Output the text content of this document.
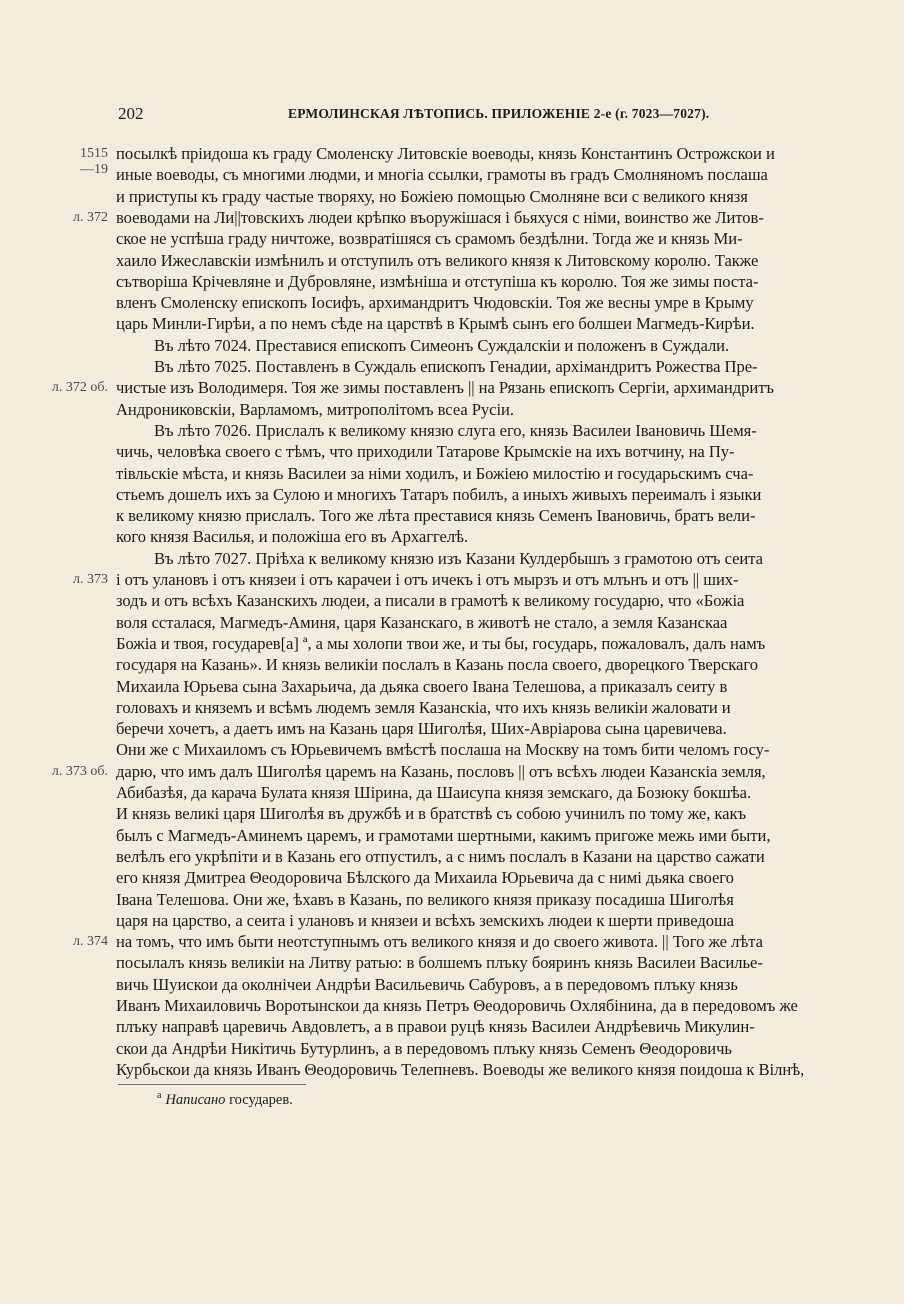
202	ЕРМОЛИНСКАЯ ЛѢТОПИСЬ. ПРИЛОЖЕНІЕ 2-е (г. 7023—7027).
1515
—19
л. 372
л. 372 об.
л. 373
л. 373 об.
л. 374
посылкѣ пріидоша къ граду Смоленску Литовскіе воеводы, князь Константинъ Острожскои и
иные воеводы, съ многими людми, и многіа ссылки, грамоты въ градъ Смолняномъ послаша
и приступы къ граду частые творяху, но Божіею помощью Смолняне вси с великого князя
воеводами на Ли||товскихъ людеи крѣпко въоружішася і бьяхуся с німи, воинство же Литов-
ское не успѣша граду ничтоже, возвратішяся съ срамомъ бездѣлни. Тогда же и князь Ми-
хаило Ижеславскіи измѣнилъ и отступилъ отъ великого князя к Литовскому королю. Также
сътворіша Крічевляне и Дубровляне, измѣніша и отступіша къ королю. Тоя же зимы поста-
вленъ Смоленску епископъ Іосифъ, архимандритъ Чюдовскіи. Тоя же весны умре в Крыму
царь Минли-Гирѣи, а по немъ сѣде на царствѣ в Крымѣ сынъ его болшеи Магмедъ-Кирѣи.
Въ лѣто 7024. Преставися епископъ Симеонъ Суждалскіи и положенъ в Суждали.
Въ лѣто 7025. Поставленъ в Суждаль епископъ Генадии, архімандритъ Рожества Пре-
чистые изъ Володимеря. Тоя же зимы поставленъ || на Рязань епископъ Сергіи, архимандритъ
Андрониковскіи, Варламомъ, митрополітомъ всеа Русіи.
Въ лѣто 7026. Прислалъ к великому князю слуга его, князь Василеи Івановичь Шемя-
чичь, человѣка своего с тѣмъ, что приходили Татарове Крымскіе на ихъ вотчину, на Пу-
тівльскіе мѣста, и князь Василеи за німи ходилъ, и Божіею милостію и государьскимъ сча-
стьемъ дошелъ ихъ за Сулою и многихъ Татаръ побилъ, а иныхъ живыхъ переималъ і языки
к великому князю прислалъ. Того же лѣта преставися князь Семенъ Івановичь, братъ вели-
кого князя Василья, и положіша его въ Архаггелѣ.
Въ лѣто 7027. Пріѣха к великому князю изъ Казани Кулдербышъ з грамотою отъ сеита
і отъ улановъ і отъ князеи і отъ карачеи і отъ ичекъ і отъ мырзъ и отъ млънъ и отъ || ших-
зодъ и отъ всѣхъ Казанскихъ людеи, а писали в грамотѣ к великому государю, что «Божіа
воля ссталася, Магмедъ-Аминя, царя Казанскаго, в животѣ не стало, а земля Казанскаа
Божіа и твоя, государев[а] ª, а мы холопи твои же, и ты бы, государь, пожаловалъ, далъ намъ
государя на Казань». И князь великіи послалъ в Казань посла своего, дворецкого Тверскаго
Михаила Юрьева сына Захарьича, да дьяка своего Івана Телешова, а приказалъ сеиту в
головахъ и княземъ и всѣмъ людемъ земля Казанскіа, что ихъ князь великіи жаловати и
беречи хочетъ, а даетъ имъ на Казань царя Шиголѣя, Ших-Авріарова сына царевичева.
Они же с Михаиломъ съ Юрьевичемъ вмѣстѣ послаша на Москву на томъ бити челомъ госу-
дарю, что имъ далъ Шиголѣя царемъ на Казань, пословъ || отъ всѣхъ людеи Казанскіа земля,
Абибазѣя, да карача Булата князя Шірина, да Шаисупа князя земскаго, да Бозюку бокшѣа.
И князь великі царя Шиголѣя въ дружбѣ и в братствѣ съ собою учинилъ по тому же, какъ
былъ с Магмедъ-Аминемъ царемъ, и грамотами шертными, какимъ пригоже межь ими быти,
велѣлъ его укрѣпіти и в Казань его отпустилъ, а с нимъ послалъ в Казани на царство сажати
его князя Дмитреа Θеодоровича Бѣлского да Михаила Юрьевича да с нимі дьяка своего
Івана Телешова. Они же, ѣхавъ в Казань, по великого князя приказу посадиша Шиголѣя
царя на царство, а сеита і улановъ и князеи и всѣхъ земскихъ людеи к шерти приведоша
на томъ, что имъ быти неотступнымъ отъ великого князя и до своего живота. || Того же лѣта
посылалъ князь великіи на Литву ратью: в болшемъ плъку бояринъ князь Василеи Василье-
вичь Шуискои да околнічеи Андрѣи Васильевичь Сабуровъ, а в передовомъ плъку князь
Иванъ Михаиловичь Воротынскои да князь Петръ Θеодоровичь Охлябінина, да в передовомъ же
плъку направѣ царевичь Авдовлетъ, а в правои руцѣ князь Василеи Андрѣевичь Микулин-
скои да Андрѣи Никітичь Бутурлинъ, а в передовомъ плъку князь Семенъ Θеодоровичь
Курбьскои да князь Иванъ Θеодоровичь Телепневъ. Воеводы же великого князя поидоша к Вілнѣ,
$^a$ Написано государев.
